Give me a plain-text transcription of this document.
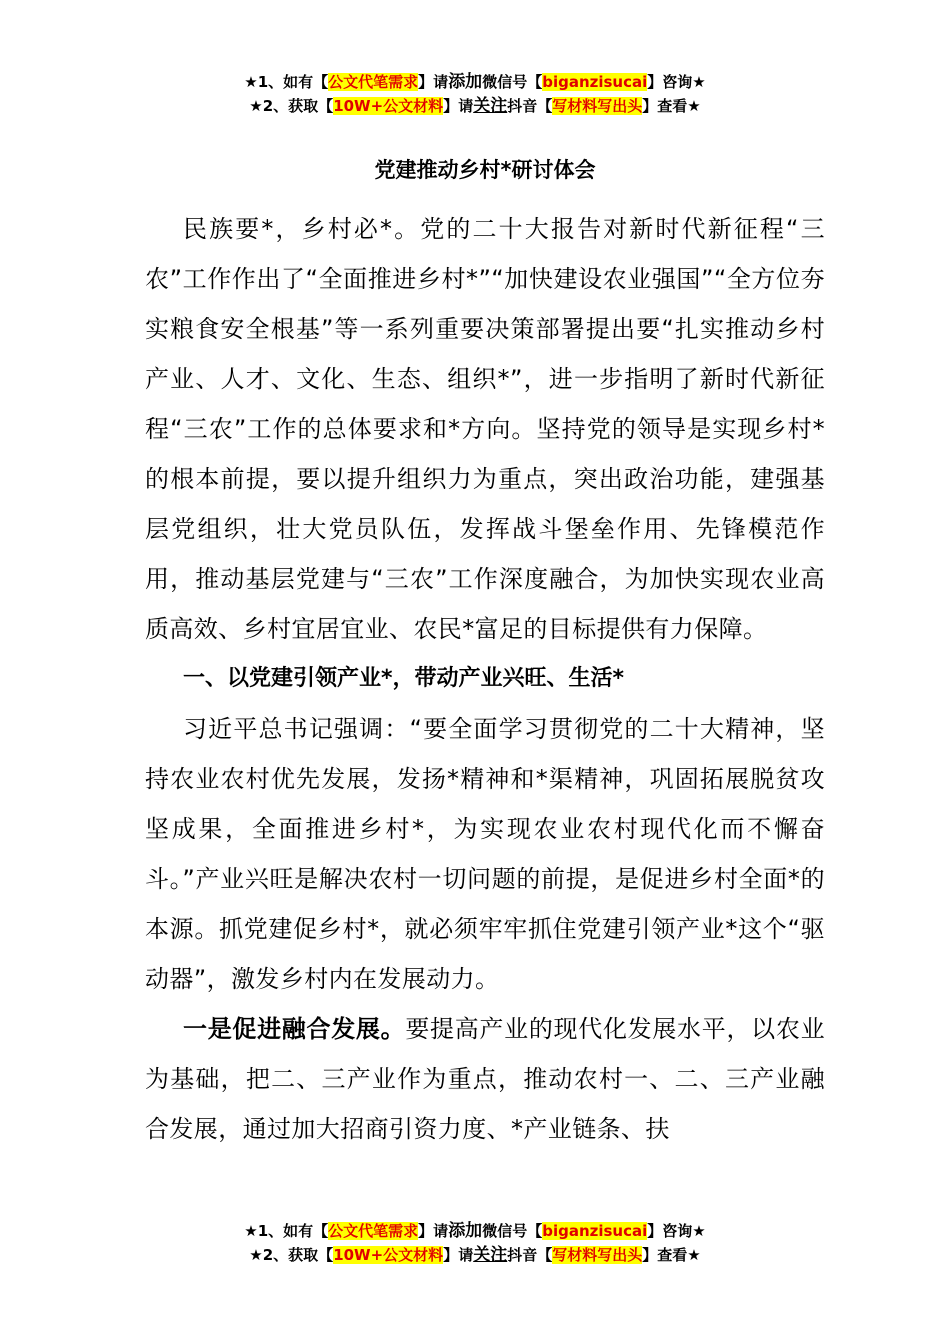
★1、如有【公文代笔需求】请添加微信号【biganzisucai】咨询★
★2、获取【10W+公文材料】请关注抖音【写材料写出头】查看★
党建推动乡村*研讨体会

民族要*，乡村必*。党的二十大报告对新时代新征程“三农”工作作出了“全面推进乡村*”“加快建设农业强国”“全方位夯实粮食安全根基”等一系列重要决策部署提出要“扎实推动乡村产业、人才、文化、生态、组织*”，进一步指明了新时代新征程“三农”工作的总体要求和*方向。坚持党的领导是实现乡村*的根本前提，要以提升组织力为重点，突出政治功能，建强基层党组织，壮大党员队伍，发挥战斗堡垒作用、先锋模范作用，推动基层党建与“三农”工作深度融合，为加快实现农业高质高效、乡村宜居宜业、农民*富足的目标提供有力保障。

一、以党建引领产业*，带动产业兴旺、生活*

习近平总书记强调：“要全面学习贯彻党的二十大精神，坚持农业农村优先发展，发扬*精神和*渠精神，巩固拓展脱贫攻坚成果，全面推进乡村*，为实现农业农村现代化而不懈奋斗。”产业兴旺是解决农村一切问题的前提，是促进乡村全面*的本源。抓党建促乡村*，就必须牢牢抓住党建引领产业*这个“驱动器”，激发乡村内在发展动力。

一是促进融合发展。要提高产业的现代化发展水平，以农业为基础，把二、三产业作为重点，推动农村一、二、三产业融合发展，通过加大招商引资力度、*产业链条、扶

★1、如有【公文代笔需求】请添加微信号【biganzisucai】咨询★
★2、获取【10W+公文材料】请关注抖音【写材料写出头】查看★
